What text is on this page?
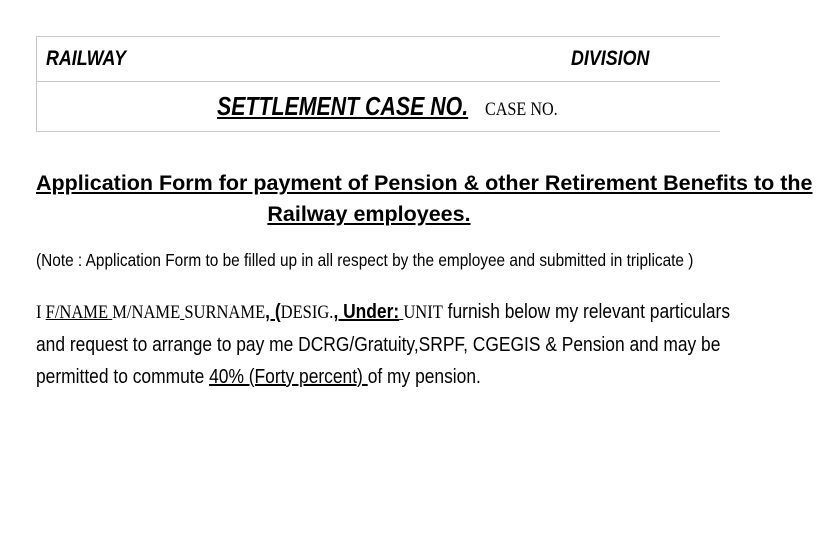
RAILWAY	DIVISION
SETTLEMENT CASE NO. CASE NO.
Application Form for payment of Pension & other Retirement Benefits to the
Railway employees.
(Note : Application Form to be filled up in all respect by the employee and submitted in triplicate )
I F/NAME M/NAME SURNAME, (DESIG., Under: UNIT furnish below my relevant particulars
and request to arrange to pay me DCRG/Gratuity,SRPF, CGEGIS & Pension and may be
permitted to commute 40% (Forty percent) of my pension.
